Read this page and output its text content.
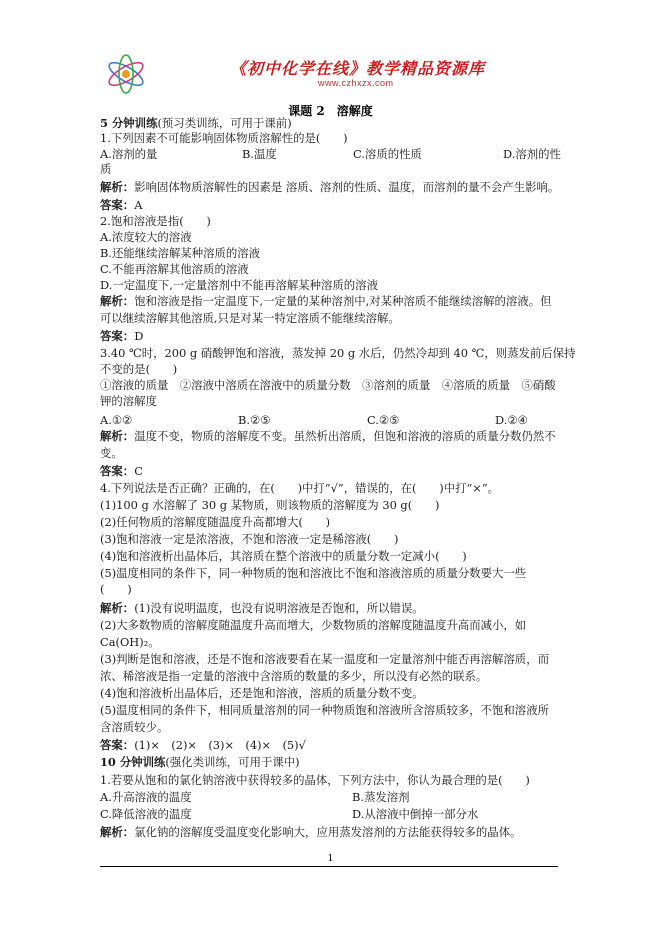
《初中化学在线》教学精品资源库
www.czhxzx.com
课题 2　溶解度
5 分钟训练(预习类训练，可用于课前)
1.下列因素不可能影响固体物质溶解性的是(　　)
A.溶剂的量	B.温度	C.溶质的性质	D.溶剂的性
质
解析：影响固体物质溶解性的因素是 溶质、溶剂的性质、温度，而溶剂的量不会产生影响。
答案：A
2.饱和溶液是指(　　)
A.浓度较大的溶液
B.还能继续溶解某种溶质的溶液
C.不能再溶解其他溶质的溶液
D.一定温度下,一定量溶剂中不能再溶解某种溶质的溶液
解析：饱和溶液是指一定温度下,一定量的某种溶剂中,对某种溶质不能继续溶解的溶液。但
可以继续溶解其他溶质,只是对某一特定溶质不能继续溶解。
答案：D
3.40 ℃时，200 g 硝酸钾饱和溶液，蒸发掉 20 g 水后，仍然冷却到 40 ℃，则蒸发前后保持
不变的是(　　)
①溶液的质量　②溶液中溶质在溶液中的质量分数　③溶剂的质量　④溶质的质量　⑤硝酸
钾的溶解度
A.①②	B.②⑤	C.②⑤	D.②④
解析：温度不变，物质的溶解度不变。虽然析出溶质，但饱和溶液的溶质的质量分数仍然不
变。
答案：C
4.下列说法是否正确？正确的，在(　　)中打“√”，错误的，在(　　)中打“×”。
(1)100 g 水溶解了 30 g 某物质，则该物质的溶解度为 30 g(　　)
(2)任何物质的溶解度随温度升高都增大(　　)
(3)饱和溶液一定是浓溶液，不饱和溶液一定是稀溶液(　　)
(4)饱和溶液析出晶体后，其溶质在整个溶液中的质量分数一定减小(　　)
(5)温度相同的条件下，同一种物质的饱和溶液比不饱和溶液溶质的质量分数要大一些
(　　)
解析：(1)没有说明温度，也没有说明溶液是否饱和，所以错误。
(2)大多数物质的溶解度随温度升高而增大，少数物质的溶解度随温度升高而减小，如
Ca(OH)₂。
(3)判断是饱和溶液，还是不饱和溶液要看在某一温度和一定量溶剂中能否再溶解溶质，而
浓、稀溶液是指一定量的溶液中含溶质的数量的多少，所以没有必然的联系。
(4)饱和溶液析出晶体后，还是饱和溶液，溶质的质量分数不变。
(5)温度相同的条件下，相同质量溶剂的同一种物质饱和溶液所含溶质较多，不饱和溶液所
含溶质较少。
答案：(1)×　(2)×　(3)×　(4)×　(5)√
10 分钟训练(强化类训练，可用于课中)
1.若要从饱和的氯化钠溶液中获得较多的晶体，下列方法中，你认为最合理的是(　　)
A.升高溶液的温度	B.蒸发溶剂
C.降低溶液的温度	D.从溶液中倒掉一部分水
解析：氯化钠的溶解度受温度变化影响大，应用蒸发溶剂的方法能获得较多的晶体。
1
